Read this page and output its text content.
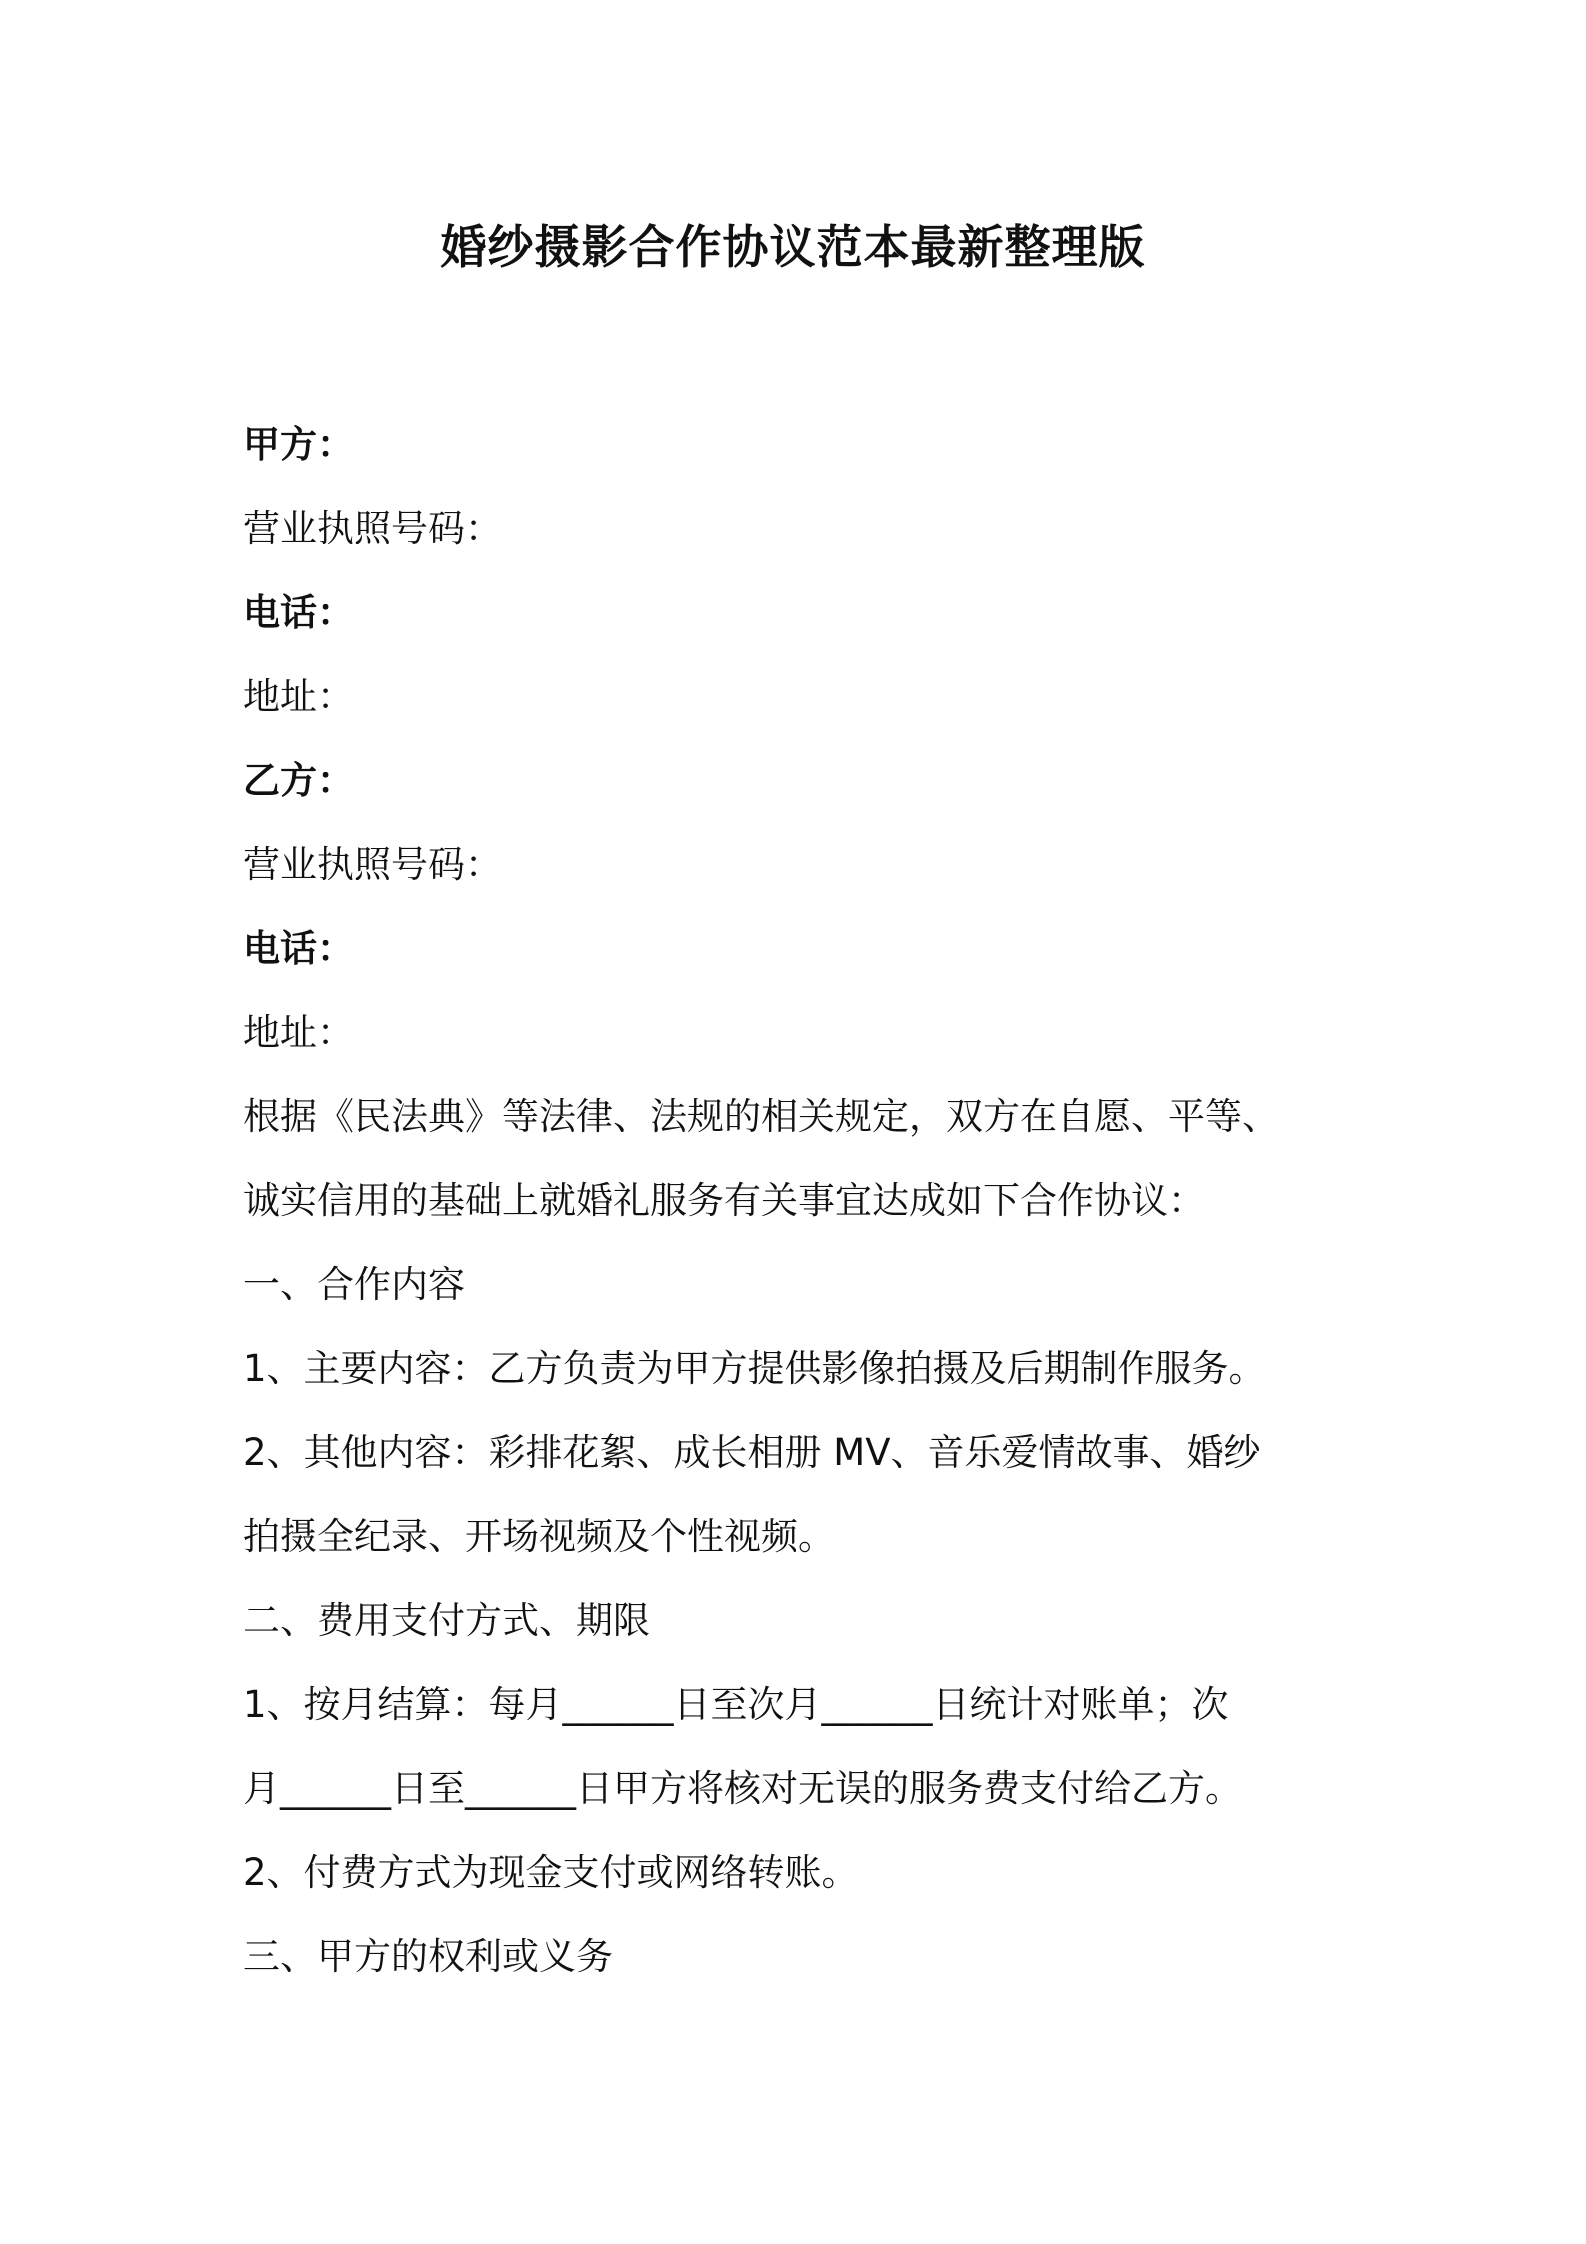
婚纱摄影合作协议范本最新整理版
甲方：
营业执照号码：
电话：
地址：
乙方：
营业执照号码：
电话：
地址：
根据《民法典》等法律、法规的相关规定，双方在自愿、平等、
诚实信用的基础上就婚礼服务有关事宜达成如下合作协议：
一、合作内容
1、主要内容：乙方负责为甲方提供影像拍摄及后期制作服务。
2、其他内容：彩排花絮、成长相册 MV、音乐爱情故事、婚纱
拍摄全纪录、开场视频及个性视频。
二、费用支付方式、期限
1、按月结算：每月______日至次月______日统计对账单；次
月______日至______日甲方将核对无误的服务费支付给乙方。
2、付费方式为现金支付或网络转账。
三、甲方的权利或义务
